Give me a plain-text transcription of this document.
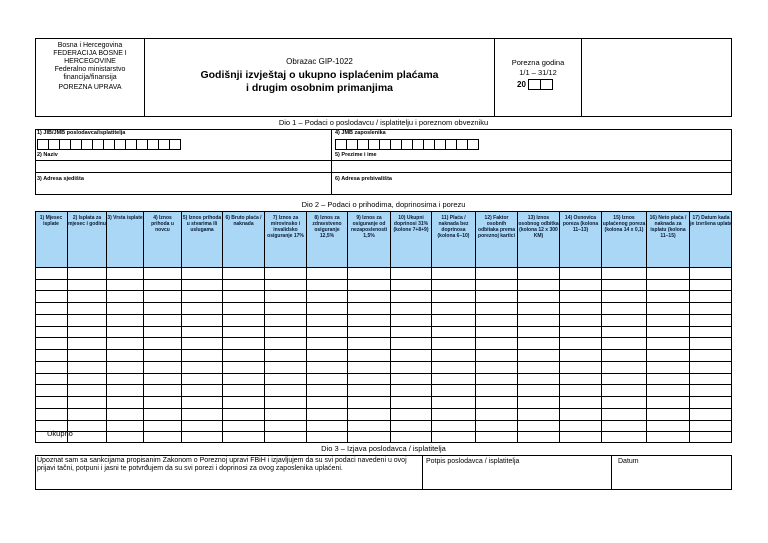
Bosna i Hercegovina
FEDERACIJA BOSNE I
HERCEGOVINE
Federalno ministarstvo
financija/finansija
POREZNA UPRAVA
Obrazac GIP-1022
Godišnji izvještaj o ukupno isplaćenim plaćama
i drugim osobnim primanjima
Porezna godina
1/1 – 31/12
20
Dio 1 – Podaci o poslodavcu / isplatitelju i poreznom obvezniku
1) JIB/JMB poslodavca/isplatitelja
2) Naziv
3) Adresa sjedišta
4) JMB zaposlenika
5) Prezime i ime
6) Adresa prebivališta
Dio 2 – Podaci o prihodima, doprinosima i porezu
1) Mjesec isplate
2) Isplata za mjesec i godinu
3) Vrsta isplate	4) Iznos prihoda u novcu
5) Iznos prihoda u stvarima ili uslugama
6) Bruto plaća / naknada
7) Iznos za mirovinsko i invalidsko osiguranje 17%
8) Iznos za zdravstveno osiguranje 12,5%
9) Iznos za osiguranje od nezaposlenosti 1,5%
10) Ukupni doprinosi 31% (kolone 7+8+9)
11) Plaća / naknada bez doprinosa (kolona 6–10)
12) Faktor osobnih odbitaka prema poreznoj kartici
13) Iznos osobnog odbitka (kolona 12 x 300 KM)
14) Osnovica poreza (kolona 11–13)
15) Iznos uplaćenog poreza (kolona 14 x 0,1)
16) Neto plaća / naknada za isplatu (kolona 11–15)
17) Datum kada je izvršena uplata
Ukupno
Dio 3 – Izjava poslodavca / isplatitelja
Upoznat sam sa sankcijama propisanim Zakonom o Poreznoj upravi FBiH i izjavljujem da su svi podaci navedeni u ovoj prijavi tačni, potpuni i jasni te potvrđujem da su svi porezi i doprinosi za ovog zaposlenika uplaćeni.
Potpis poslodavca / isplatitelja	Datum
